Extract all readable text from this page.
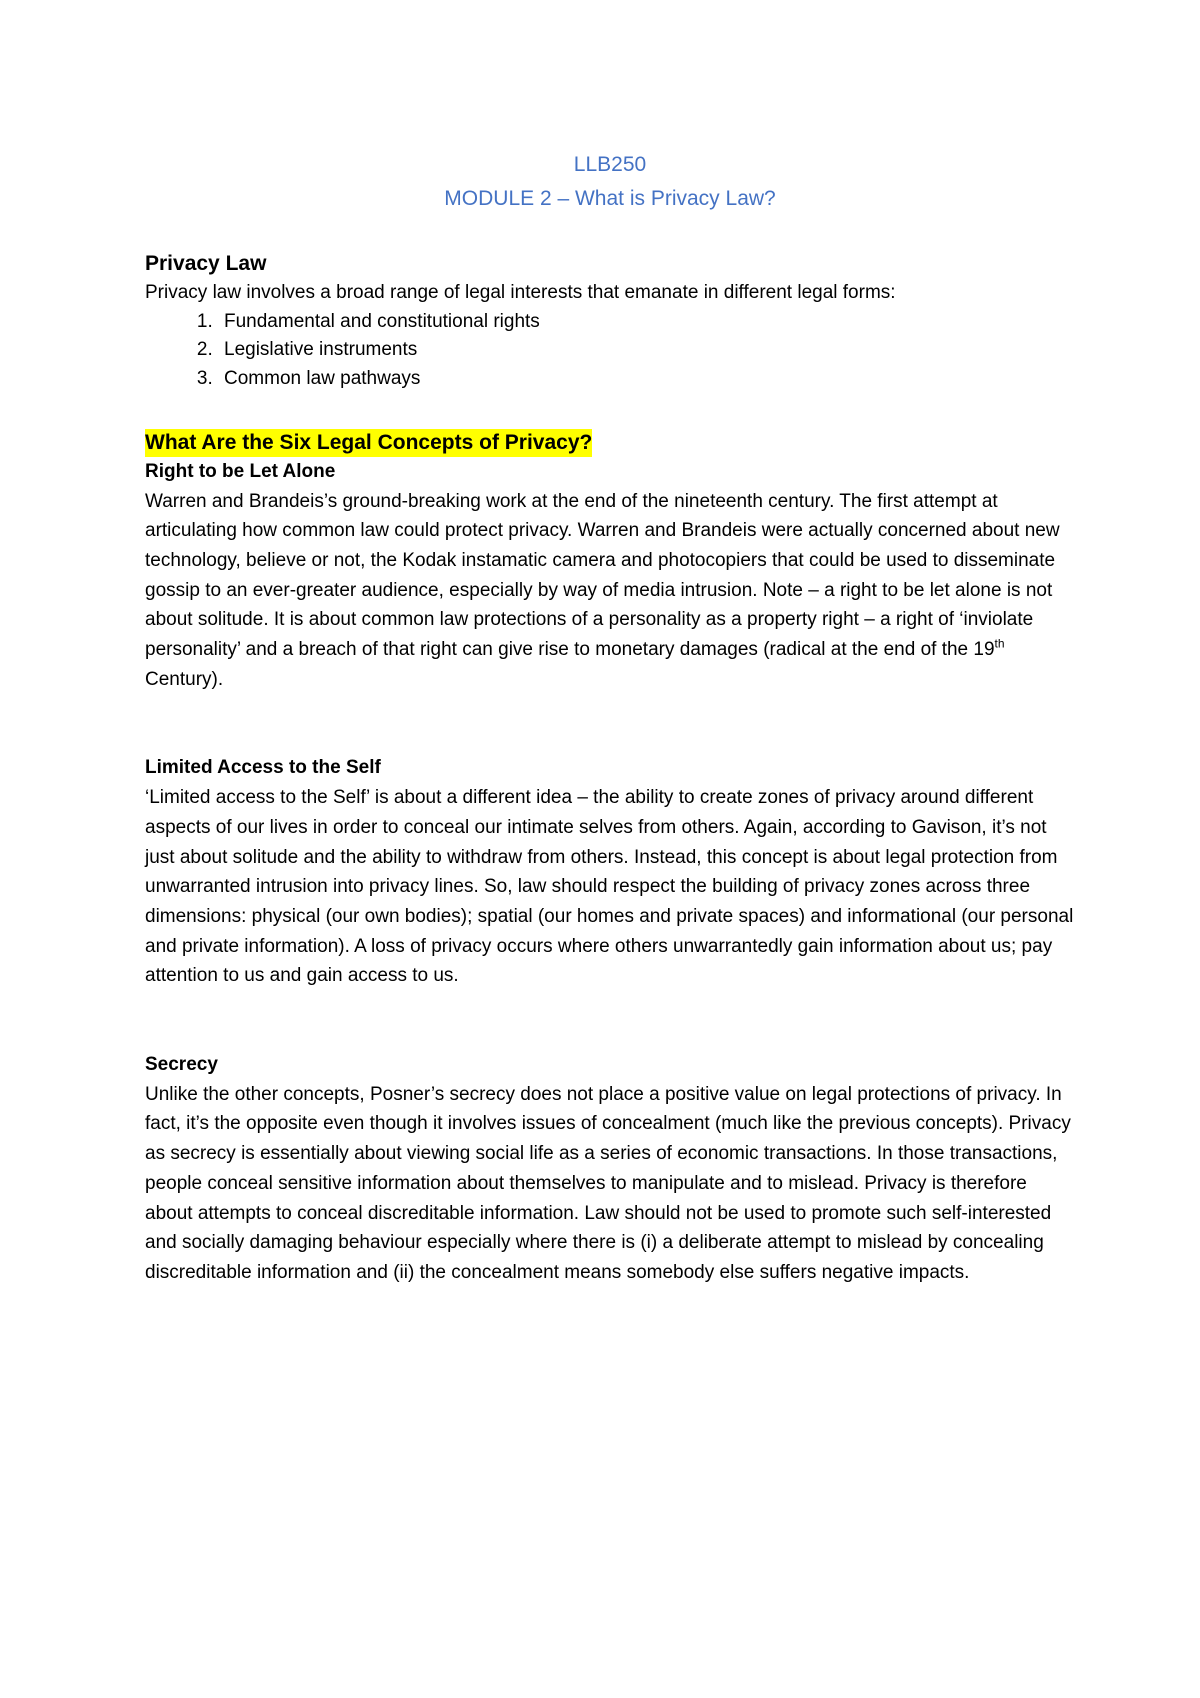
LLB250
MODULE 2 – What is Privacy Law?
Privacy Law

Privacy law involves a broad range of legal interests that emanate in different legal forms:

1. Fundamental and constitutional rights
2. Legislative instruments
3. Common law pathways
What Are the Six Legal Concepts of Privacy?
Right to be Let Alone

Warren and Brandeis’s ground-breaking work at the end of the nineteenth century. The first attempt at articulating how common law could protect privacy. Warren and Brandeis were actually concerned about new technology, believe or not, the Kodak instamatic camera and photocopiers that could be used to disseminate gossip to an ever-greater audience, especially by way of media intrusion. Note – a right to be let alone is not about solitude. It is about common law protections of a personality as a property right – a right of ‘inviolate personality’ and a breach of that right can give rise to monetary damages (radical at the end of the 19th Century).

Limited Access to the Self

‘Limited access to the Self’ is about a different idea – the ability to create zones of privacy around different aspects of our lives in order to conceal our intimate selves from others. Again, according to Gavison, it’s not just about solitude and the ability to withdraw from others. Instead, this concept is about legal protection from unwarranted intrusion into privacy lines. So, law should respect the building of privacy zones across three dimensions: physical (our own bodies); spatial (our homes and private spaces) and informational (our personal and private information). A loss of privacy occurs where others unwarrantedly gain information about us; pay attention to us and gain access to us.

Secrecy

Unlike the other concepts, Posner’s secrecy does not place a positive value on legal protections of privacy. In fact, it’s the opposite even though it involves issues of concealment (much like the previous concepts). Privacy as secrecy is essentially about viewing social life as a series of economic transactions. In those transactions, people conceal sensitive information about themselves to manipulate and to mislead. Privacy is therefore about attempts to conceal discreditable information. Law should not be used to promote such self-interested and socially damaging behaviour especially where there is (i) a deliberate attempt to mislead by concealing discreditable information and (ii) the concealment means somebody else suffers negative impacts.
